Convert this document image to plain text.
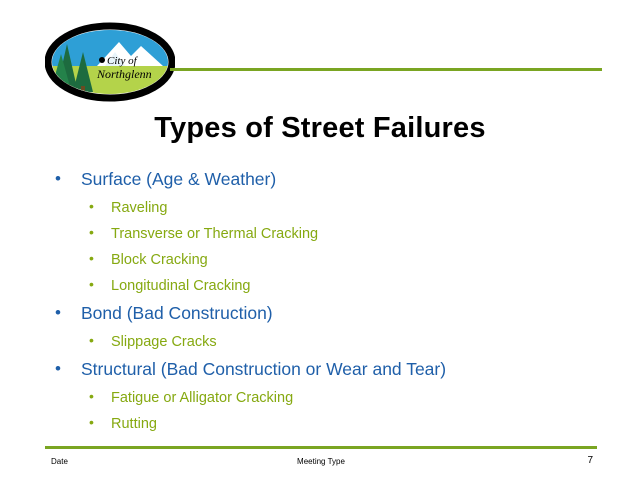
City of
Northglenn
Types of Street Failures
• Surface (Age & Weather)
• Raveling
• Transverse or Thermal Cracking
• Block Cracking
• Longitudinal Cracking
• Bond (Bad Construction)
• Slippage Cracks
• Structural (Bad Construction or Wear and Tear)
• Fatigue or Alligator Cracking
• Rutting
Date	Meeting Type	7
